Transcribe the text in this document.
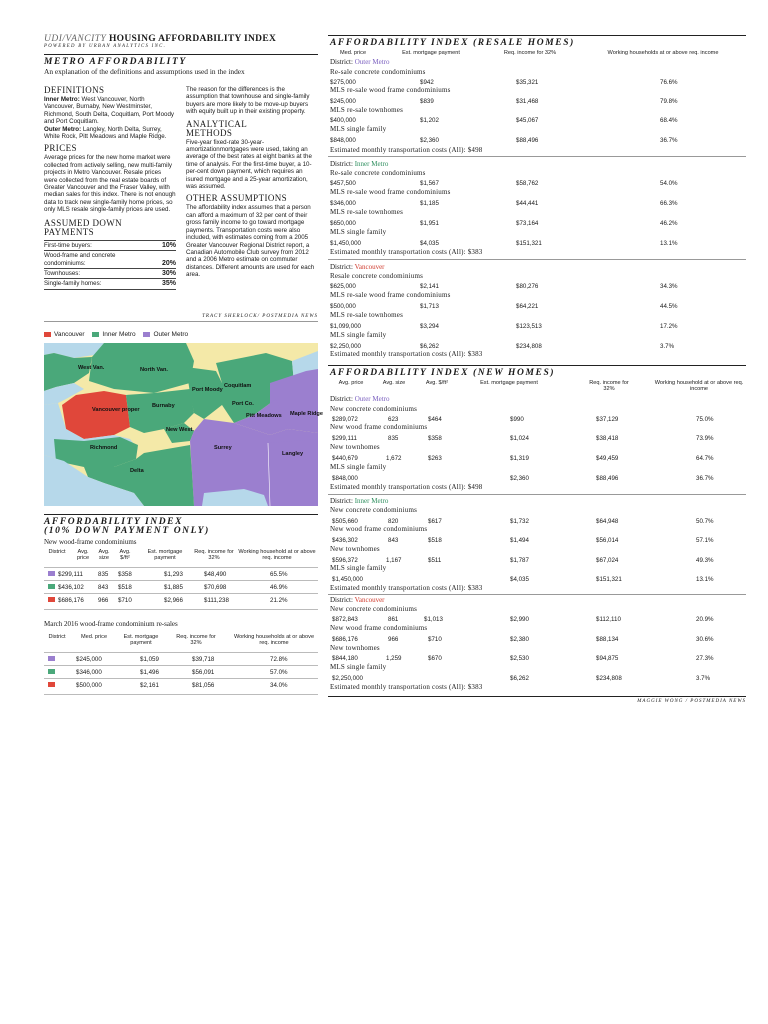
UDI/VANCITY HOUSING AFFORDABILITY INDEX
POWERED BY URBAN ANALYTICS INC.
METRO AFFORDABILITY
An explanation of the definitions and assumptions used in the index
DEFINITIONS
Inner Metro: West Vancouver, North Vancouver, Burnaby, New Westminster, Richmond, South Delta, Coquitlam, Port Moody and Port Coquitlam.
Outer Metro: Langley, North Delta, Surrey, White Rock, Pitt Meadows and Maple Ridge.
PRICES
Average prices for the new home market were collected from actively selling, new multi-family projects in Metro Vancouver. Resale prices were collected from the real estate boards of Greater Vancouver and the Fraser Valley, with median sales for this index. There is not enough data to track new single-family home prices, so only MLS resale single-family prices are used.
ASSUMED DOWN PAYMENTS
First-time buyers:	10%
Wood-frame and concrete condominiums:	20%
Townhouses:	30%
Single-family homes:	35%
The reason for the differences is the assumption that townhouse and single-family buyers are more likely to be move-up buyers with equity built up in their existing property.
ANALYTICAL METHODS
Five-year fixed-rate 30-year-amortizationmortgages were used, taking an average of the best rates at eight banks at the time of analysis. For the first-time buyer, a 10-per-cent down payment, which requires an isured mortgage and a 25-year amortization, was assumed.
OTHER ASSUMPTIONS
The affordability index assumes that a person can afford a maximum of 32 per cent of their gross family income to go toward mortgage payments. Transportation costs were also included, with estimates coming from a 2005 Greater Vancouver Regional District report, a Canadian Automobile Club survey from 2012 and a 2006 Metro estimate on commuter distances. Different amounts are used for each area.
TRACY SHERLOCK/ POSTMEDIA NEWS
Vancouver	Inner Metro	Outer Metro
West Van.	North Van.
Port Moody
Coquitlam
Port Co.
Vancouver proper
Burnaby
Pitt Meadows Maple Ridge
New West.
Richmond	Surrey
Langley
Delta
AFFORDABILITY INDEX
(10% DOWN PAYMENT ONLY)
New wood-frame condominiums
District	Avg. price
Avg. size
Avg. $/ft²
Est. mortgage payment
Req. income for 32%
Working household at or above req. income
$299,111 835 $358	$1,293	$48,490	65.5%
$436,102 843 $518	$1,885	$70,698	46.9%
$686,176 966 $710	$2,966	$111,238	21.2%
March 2016 wood-frame condominium re-sales
District	Med. price	Est. mortgage payment
Req. income for 32%
Working households at or above req. income
$245,000	$1,059	$39,718	72.8%
$346,000	$1,496	$56,091	57.0%
$500,000	$2,161	$81,056	34.0%
AFFORDABILITY INDEX (RESALE HOMES)
Med. price	Est. mortgage payment	Req. income for 32%	Working households at or above req. income
District: Outer Metro
Re-sale concrete condominiums
$275,000	$942	$35,321	76.6%
MLS re-sale wood frame condominiums
$245,000	$839	$31,468	79.8%
MLS re-sale townhomes
$400,000	$1,202	$45,067	68.4%
MLS single family
$848,000	$2,360	$88,496	36.7%
Estimated monthly transportation costs (All): $498
District: Inner Metro
Re-sale concrete condominiums
$457,500	$1,567	$58,762	54.0%
MLS re-sale wood frame condominiums
$346,000	$1,185	$44,441	66.3%
MLS re-sale townhomes
$650,000	$1,951	$73,164	46.2%
MLS single family
$1,450,000	$4,035	$151,321	13.1%
Estimated monthly transportation costs (All): $383
District: Vancouver
Resale concrete condominiums
$625,000	$2,141	$80,276	34.3%
MLS re-sale wood frame condominiums
$500,000	$1,713	$64,221	44.5%
MLS re-sale townhomes
$1,099,000	$3,294	$123,513	17.2%
MLS single family
$2,250,000	$6,262	$234,808	3.7%
Estimated monthly transportation costs (All): $383
AFFORDABILITY INDEX (NEW HOMES)
Avg. price	Avg. size	Avg. $/ft²	Est. mortgage payment	Req. income for 32%
Working household at or above req. income
District: Outer Metro
New concrete condominiums
$289,072	623	$464	$990	$37,129	75.0%
New wood frame condominiums
$299,111	835	$358	$1,024	$38,418	73.9%
New townhomes
$440,679	1,672	$263	$1,319	$49,459	64.7%
MLS single family
$848,000	$2,360	$88,496	36.7%
Estimated monthly transportation costs (All): $498
District: Inner Metro
New concrete condominiums
$505,660	820	$617	$1,732	$64,948	50.7%
New wood frame condominiums
$436,302	843	$518	$1,494	$56,014	57.1%
New townhomes
$596,372	1,167	$511	$1,787	$67,024	49.3%
MLS single family
$1,450,000	$4,035	$151,321	13.1%
Estimated monthly transportation costs (All): $383
District: Vancouver
New concrete condominiums
$872,843	861	$1,013	$2,990	$112,110	20.9%
New wood frame condominiums
$686,176	966	$710	$2,380	$88,134	30.6%
New townhomes
$844,180	1,259	$670	$2,530	$94,875	27.3%
MLS single family
$2,250,000	$6,262	$234,808	3.7%
Estimated monthly transportation costs (All): $383
MAGGIE WONG / POSTMEDIA NEWS
